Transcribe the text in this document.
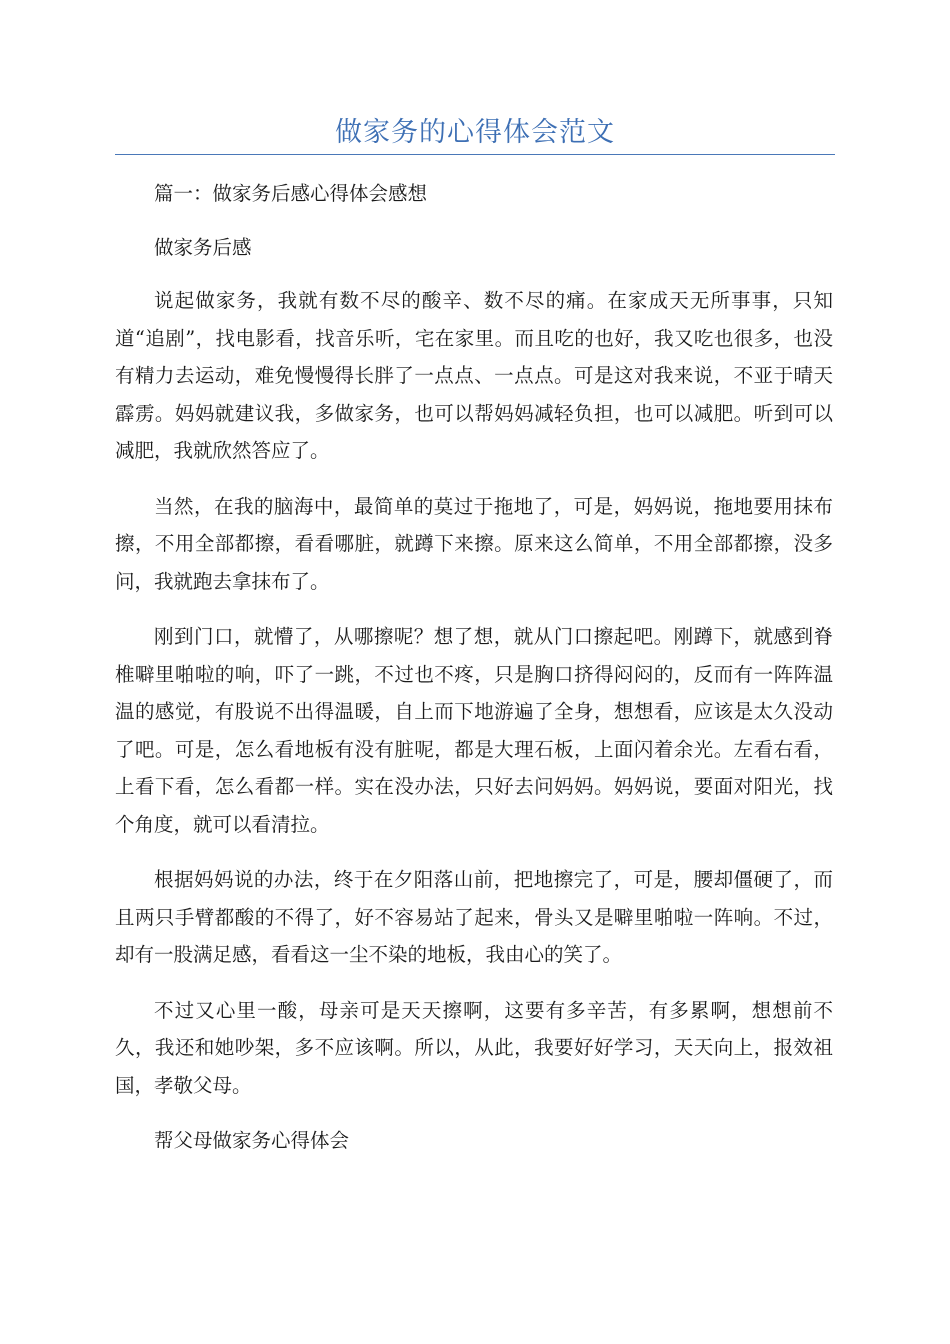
做家务的心得体会范文

篇一：做家务后感心得体会感想

做家务后感

说起做家务，我就有数不尽的酸辛、数不尽的痛。在家成天无所事事，只知道“追剧”，找电影看，找音乐听，宅在家里。而且吃的也好，我又吃也很多，也没有精力去运动，难免慢慢得长胖了一点点、一点点。可是这对我来说，不亚于晴天霹雳。妈妈就建议我，多做家务，也可以帮妈妈减轻负担，也可以减肥。听到可以减肥，我就欣然答应了。

当然，在我的脑海中，最简单的莫过于拖地了，可是，妈妈说，拖地要用抹布擦，不用全部都擦，看看哪脏，就蹲下来擦。原来这么简单，不用全部都擦，没多问，我就跑去拿抹布了。

刚到门口，就懵了，从哪擦呢？想了想，就从门口擦起吧。刚蹲下，就感到脊椎噼里啪啦的响，吓了一跳，不过也不疼，只是胸口挤得闷闷的，反而有一阵阵温温的感觉，有股说不出得温暖，自上而下地游遍了全身，想想看，应该是太久没动了吧。可是，怎么看地板有没有脏呢，都是大理石板，上面闪着余光。左看右看，上看下看，怎么看都一样。实在没办法，只好去问妈妈。妈妈说，要面对阳光，找个角度，就可以看清拉。

根据妈妈说的办法，终于在夕阳落山前，把地擦完了，可是，腰却僵硬了，而且两只手臂都酸的不得了，好不容易站了起来，骨头又是噼里啪啦一阵响。不过，却有一股满足感，看看这一尘不染的地板，我由心的笑了。

不过又心里一酸，母亲可是天天擦啊，这要有多辛苦，有多累啊，想想前不久，我还和她吵架，多不应该啊。所以，从此，我要好好学习，天天向上，报效祖国，孝敬父母。

帮父母做家务心得体会
